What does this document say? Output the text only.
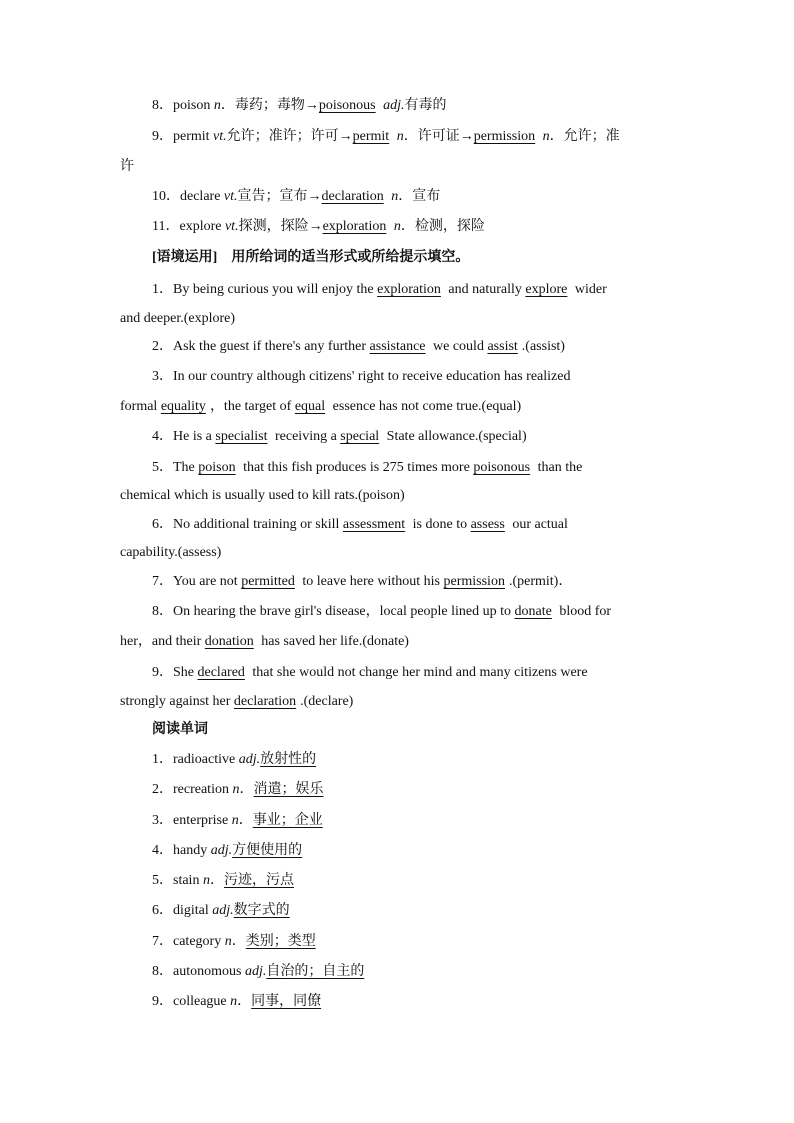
8．poison n．毒药；毒物→poisonous adj.有毒的
9．permit vt.允许；准许；许可→permit n．许可证→permission n．允许；准
许
10．declare vt.宣告；宣布→declaration n．宣布
11．explore vt.探测，探险→exploration n．检测，探险
[语境运用]　用所给词的适当形式或所给提示填空。
1．By being curious you will enjoy the exploration and naturally explore wider
and deeper.(explore)
2．Ask the guest if there's any further assistance we could assist .(assist)
3．In our country although citizens' right to receive education has realized
formal equality ，the target of equal essence has not come true.(equal)
4．He is a specialist receiving a special State allowance.(special)
5．The poison that this fish produces is 275 times more poisonous than the
chemical which is usually used to kill rats.(poison)
6．No additional training or skill assessment is done to assess our actual
capability.(assess)
7．You are not permitted to leave here without his permission .(permit)．
8．On hearing the brave girl's disease，local people lined up to donate blood for
her，and their donation has saved her life.(donate)
9．She declared that she would not change her mind and many citizens were
strongly against her declaration .(declare)
阅读单词
1．radioactive adj.放射性的
2．recreation n．消遣；娱乐
3．enterprise n．事业；企业
4．handy adj.方便使用的
5．stain n．污迹，污点
6．digital adj.数字式的
7．category n．类别；类型
8．autonomous adj.自治的；自主的
9．colleague n．同事，同僚
